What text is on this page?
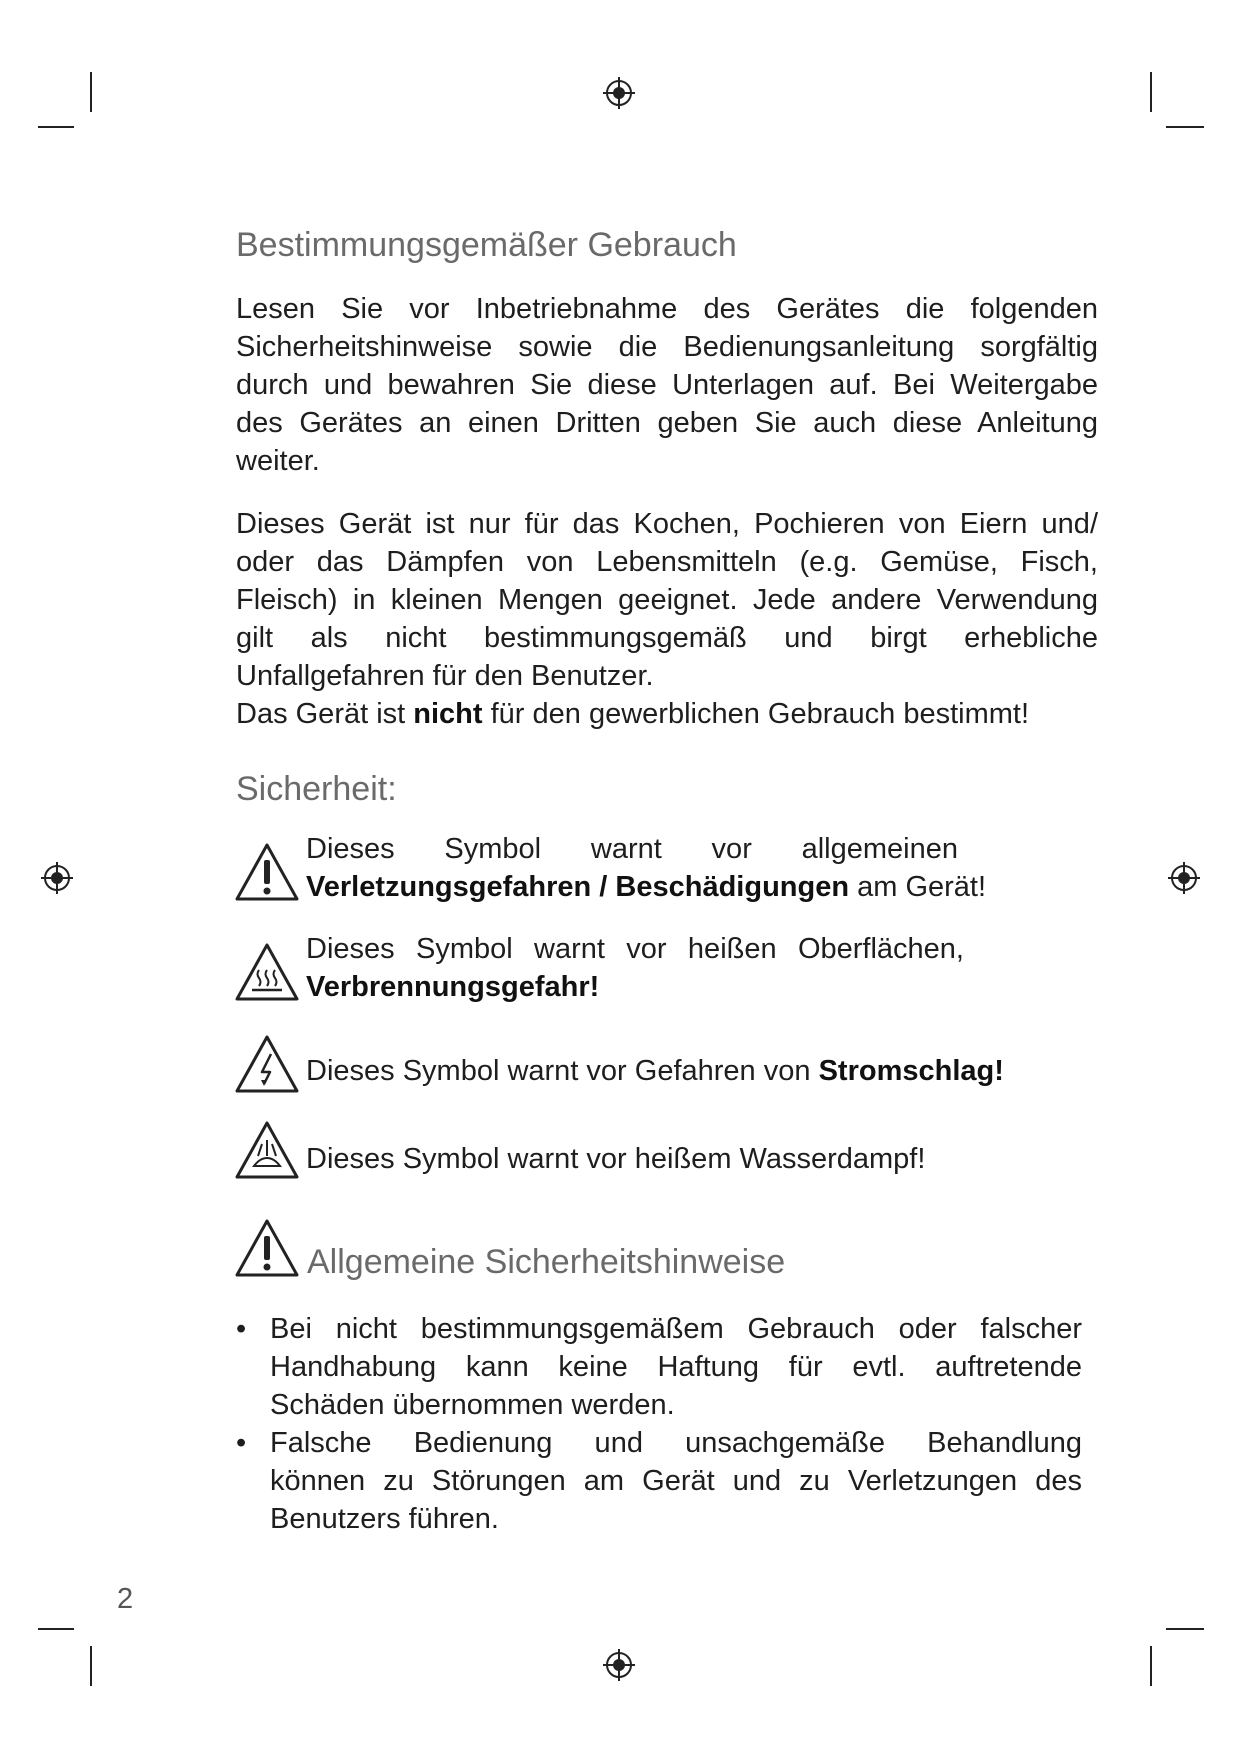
Bestimmungsgemäßer Gebrauch
Lesen Sie vor Inbetriebnahme des Gerätes die folgenden
Sicherheitshinweise sowie die Bedienungsanleitung sorgfältig
durch und bewahren Sie diese Unterlagen auf. Bei Weitergabe
des Gerätes an einen Dritten geben Sie auch diese Anleitung
weiter.
Dieses Gerät ist nur für das Kochen, Pochieren von Eiern und/
oder das Dämpfen von Lebensmitteln (e.g. Gemüse, Fisch,
Fleisch) in kleinen Mengen geeignet. Jede andere Verwendung
gilt als nicht bestimmungsgemäß und birgt erhebliche
Unfallgefahren für den Benutzer.
Das Gerät ist nicht für den gewerblichen Gebrauch bestimmt!
Sicherheit:
Dieses Symbol warnt vor allgemeinen
Verletzungsgefahren / Beschädigungen am Gerät!
Dieses Symbol warnt vor heißen Oberflächen,
Verbrennungsgefahr!
Dieses Symbol warnt vor Gefahren von Stromschlag!
Dieses Symbol warnt vor heißem Wasserdampf!
Allgemeine Sicherheitshinweise
• Bei nicht bestimmungsgemäßem Gebrauch oder falscher
Handhabung kann keine Haftung für evtl. auftretende
Schäden übernommen werden.
• Falsche Bedienung und unsachgemäße Behandlung
können zu Störungen am Gerät und zu Verletzungen des
Benutzers führen.
2
